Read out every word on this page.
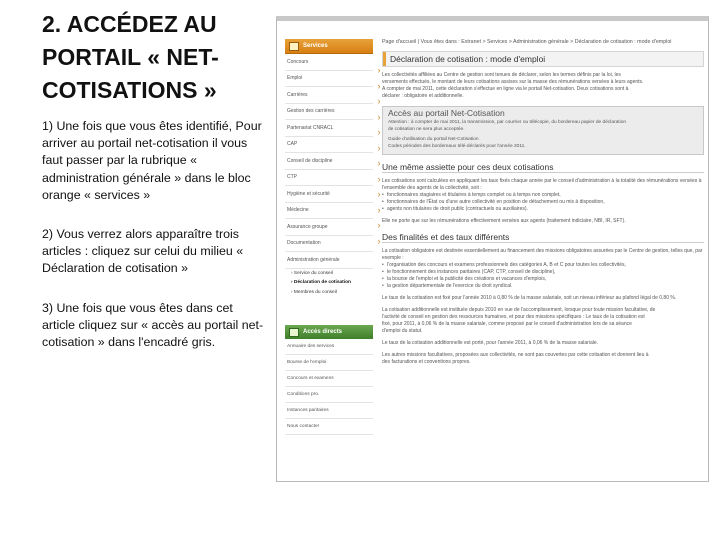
2. ACCÉDEZ AU PORTAIL « NET-COTISATIONS »

1) Une fois que vous êtes identifié, Pour arriver au portail net-cotisation il vous faut passer par la rubrique « administration générale » dans le bloc orange « services »

2) Vous verrez alors apparaître trois articles : cliquez sur celui du milieu « Déclaration de cotisation »

3) Une fois que vous êtes dans cet article cliquez sur « accès au portail net-cotisation » dans l'encadré gris.

Services
Concours
Emploi
Carrières
Gestion des carrières
Partenariat CNRACL
CAP
Conseil de discipline
CTP
Hygiène et sécurité
Médecine
Assurance groupe
Documentation
Administration générale
› Service du conseil
› Déclaration de cotisation
› Membres du conseil
Accès directs
Annuaire des services
Bourse de l'emploi
Concours et examens
Conditions pro.
Instances paritaires
Nous contacter
›
›
›
›
›
›
›
›
›
›
›
›
Page d'accueil | Vous êtes dans : Extranet > Services > Administration générale > Déclaration de cotisation : mode d'emploi
Déclaration de cotisation : mode d'emploi
Les collectivités affiliées au Centre de gestion sont tenues de déclarer, selon les termes définis par la loi, les
versements effectués, le montant de leurs cotisations assises sur la masse des rémunérations versées à leurs agents.
A compter de mai 2011, cette déclaration s'effectue en ligne via le portail Net-cotisation. Deux cotisations sont à
déclarer : obligatoire et additionnelle.
Accès au portail Net-Cotisation
Attention : à compter de mai 2011, la transmission, par courrier ou télécopie, du bordereau papier de déclaration
de cotisation ne sera plus acceptée.
Guide d'utilisation du portail Net-Cotisation
Codes périodes des bordereaux télé-déclarés pour l'année 2011.
Une même assiette pour ces deux cotisations
Les cotisations sont calculées en appliquant les taux fixés chaque année par le conseil d'administration à la totalité des rémunérations versées à l'ensemble des agents de la collectivité, soit :
• fonctionnaires stagiaires et titulaires à temps complet ou à temps non complet,
• fonctionnaires de l'État ou d'une autre collectivité en position de détachement ou mis à disposition,
• agents non titulaires de droit public (contractuels ou auxiliaires).
Elle ne porte que sur les rémunérations effectivement versées aux agents (traitement indiciaire, NBI, IR, SFT).
Des finalités et des taux différents
La cotisation obligatoire est destinée essentiellement au financement des missions obligatoires assurées par le Centre de gestion, telles que, par exemple :
• l'organisation des concours et examens professionnels des catégories A, B et C pour toutes les collectivités,
• le fonctionnement des instances paritaires (CAP, CTP, conseil de discipline),
• la bourse de l'emploi et la publicité des créations et vacances d'emplois,
• la gestion départementale de l'exercice du droit syndical.
Le taux de la cotisation est fixé pour l'année 2010 à 0,80 % de la masse salariale, soit un niveau inférieur au plafond légal de 0,80 %.
La cotisation additionnelle est instituée depuis 2010 en vue de l'accomplissement, lorsque pour toute mission facultative, de
l'activité de conseil en gestion des ressources humaines, et pour des missions spécifiques : Le taux de la cotisation est
fixé, pour 2011, à 0,06 % de la masse salariale, comme proposé par le conseil d'administration lors de sa séance
d'emploi du statut.
Le taux de la cotisation additionnelle est porté, pour l'année 2011, à 0,06 % de la masse salariale.
Les autres missions facultatives, proposées aux collectivités, ne sont pas couvertes par cette cotisation et donnent lieu à
des facturations et conventions propres.
